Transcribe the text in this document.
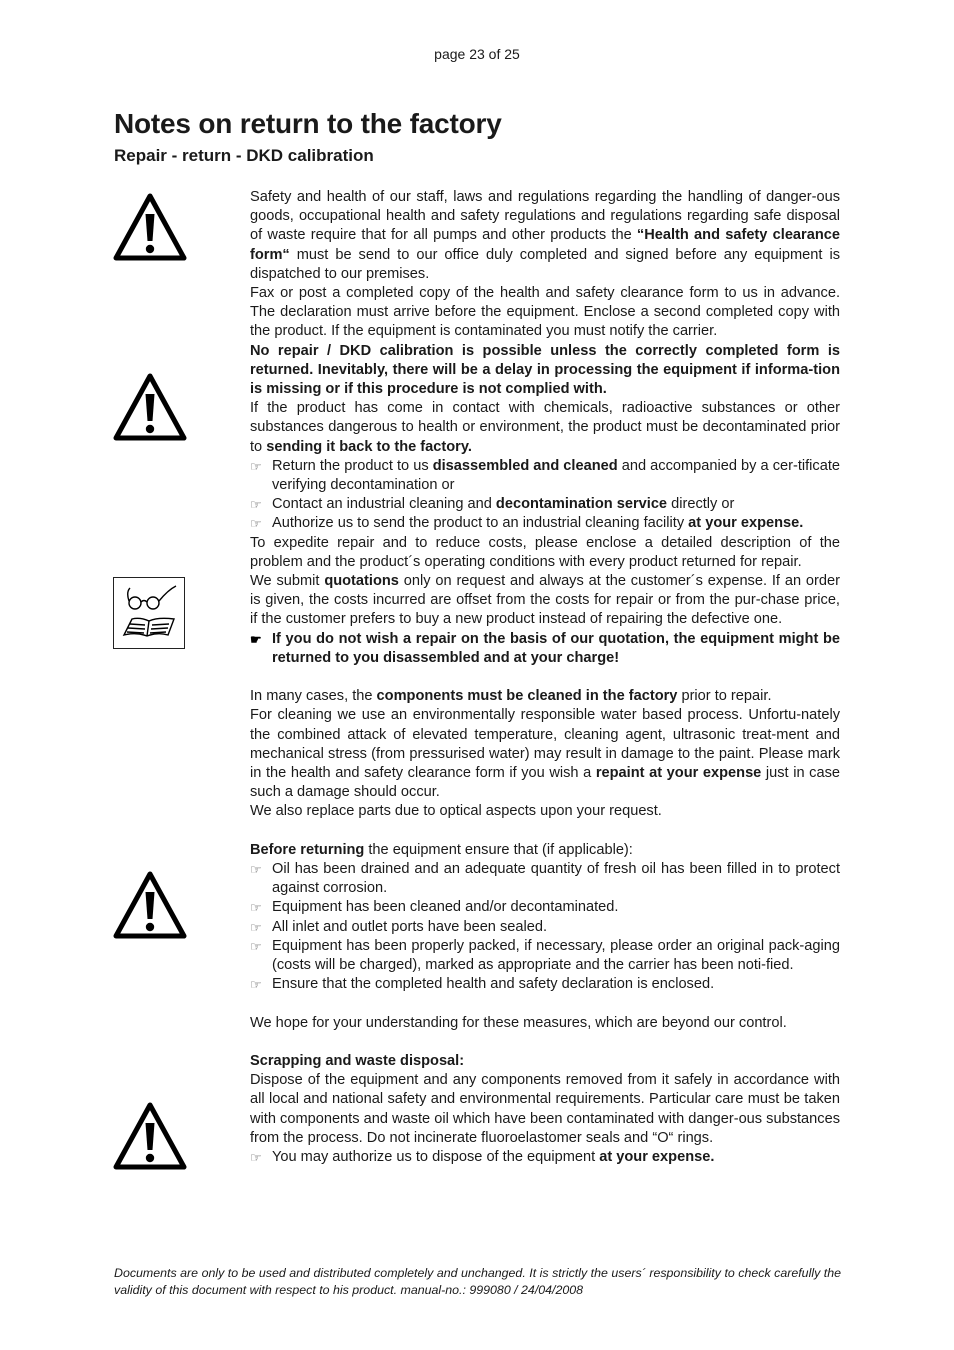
page 23 of 25
Notes on return to the factory
Repair - return - DKD calibration

Safety and health of our staff, laws and regulations regarding the handling of danger-ous goods, occupational health and safety regulations and regulations regarding safe disposal of waste require that for all pumps and other products the “Health and safety clearance form“ must be send to our office duly completed and signed before any equipment is dispatched to our premises.

Fax or post a completed copy of the health and safety clearance form to us in advance. The declaration must arrive before the equipment. Enclose a second completed copy with the product. If the equipment is contaminated you must notify the carrier.

No repair / DKD calibration is possible unless the correctly completed form is returned. Inevitably, there will be a delay in processing the equipment if informa-tion is missing or if this procedure is not complied with.

If the product has come in contact with chemicals, radioactive substances or other substances dangerous to health or environment, the product must be decontaminated prior to sending it back to the factory.

☞ Return the product to us disassembled and cleaned and accompanied by a cer-tificate verifying decontamination or
☞ Contact an industrial cleaning and decontamination service directly or
☞ Authorize us to send the product to an industrial cleaning facility at your expense.

To expedite repair and to reduce costs, please enclose a detailed description of the problem and the product´s operating conditions with every product returned for repair.

We submit quotations only on request and always at the customer´s expense. If an order is given, the costs incurred are offset from the costs for repair or from the pur-chase price, if the customer prefers to buy a new product instead of repairing the defective one.

☛ If you do not wish a repair on the basis of our quotation, the equipment might be returned to you disassembled and at your charge!

In many cases, the components must be cleaned in the factory prior to repair.

For cleaning we use an environmentally responsible water based process. Unfortu-nately the combined attack of elevated temperature, cleaning agent, ultrasonic treat-ment and mechanical stress (from pressurised water) may result in damage to the paint. Please mark in the health and safety clearance form if you wish a repaint at your expense just in case such a damage should occur.

We also replace parts due to optical aspects upon your request.

Before returning the equipment ensure that (if applicable):

☞ Oil has been drained and an adequate quantity of fresh oil has been filled in to protect against corrosion.
☞ Equipment has been cleaned and/or decontaminated.
☞ All inlet and outlet ports have been sealed.
☞ Equipment has been properly packed, if necessary, please order an original pack-aging (costs will be charged), marked as appropriate and the carrier has been noti-fied.
☞ Ensure that the completed health and safety declaration is enclosed.

We hope for your understanding for these measures, which are beyond our control.

Scrapping and waste disposal:

Dispose of the equipment and any components removed from it safely in accordance with all local and national safety and environmental requirements. Particular care must be taken with components and waste oil which have been contaminated with danger-ous substances from the process. Do not incinerate fluoroelastomer seals and “O“ rings.

☞ You may authorize us to dispose of the equipment at your expense.
Documents are only to be used and distributed completely and unchanged. It is strictly the users´ responsibility to check carefully the validity of this document with respect to his product. manual-no.: 999080 / 24/04/2008
